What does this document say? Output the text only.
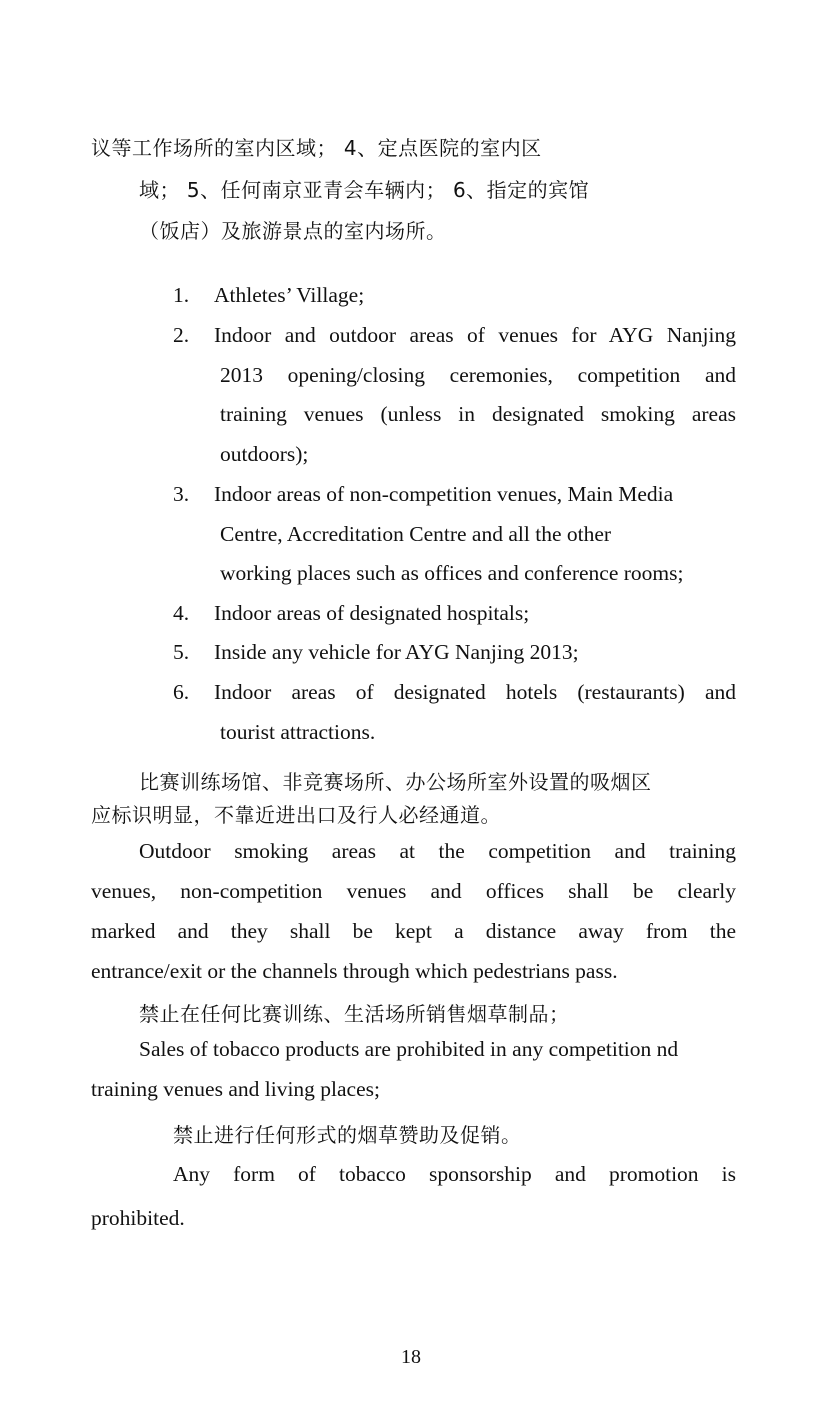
议等工作场所的室内区域； 4、定点医院的室内区
域； 5、任何南京亚青会车辆内； 6、指定的宾馆
（饭店）及旅游景点的室内场所。
1. Athletes’ Village;
2. Indoor and outdoor areas of venues for AYG Nanjing
2013 opening/closing ceremonies, competition and
training venues (unless in designated smoking areas
outdoors);
3. Indoor areas of non-competition venues, Main Media
Centre, Accreditation Centre and all the other
working places such as offices and conference rooms;
4. Indoor areas of designated hospitals;
5. Inside any vehicle for AYG Nanjing 2013;
6. Indoor areas of designated hotels (restaurants) and
tourist attractions.
比赛训练场馆、非竞赛场所、办公场所室外设置的吸烟区
应标识明显，不靠近进出口及行人必经通道。
Outdoor smoking areas at the competition and training
venues, non-competition venues and offices shall be clearly
marked and they shall be kept a distance away from the
entrance/exit or the channels through which pedestrians pass.
禁止在任何比赛训练、生活场所销售烟草制品；
Sales of tobacco products are prohibited in any competition nd
training venues and living places;
禁止进行任何形式的烟草赞助及促销。
Any form of tobacco sponsorship and promotion is
prohibited.
18
